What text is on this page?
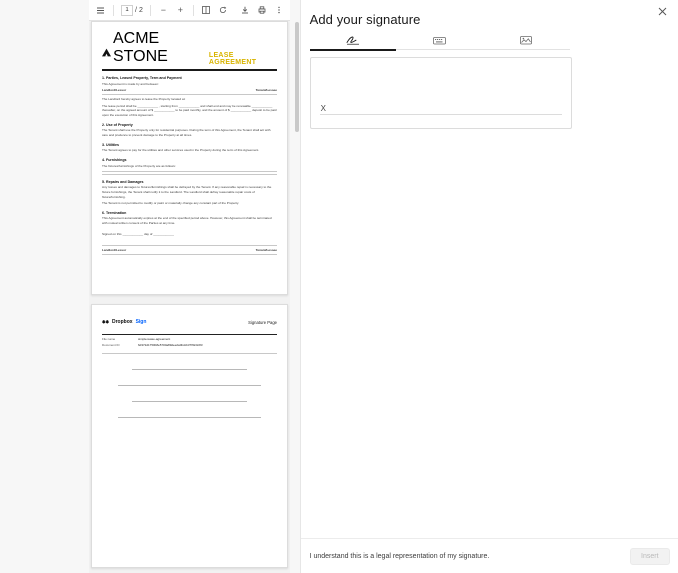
1
/ 2	−	+
ACME STONE	LEASE AGREEMENT
1. Parties, Leased Property, Term and Payment

This Agreement is made by and between:

Landlord/Lessor	Tenant/Lessee

The Landlord hereby agrees to lease the Property located at:

The lease period shall be ____________ , starting from ____________ and shall end and may be renewable ____________ thereafter, on the agreed amount of $ ____________ to be paid monthly, and the amount of $ ____________ deposit to be paid upon the execution of this Agreement.

2. Use of Property

The Tenant shall use the Property only for residential purposes. During the term of this Agreement, the Tenant shall act with care and prudence to prevent damage to the Property at all times.

3. Utilities

The Tenant agrees to pay for the utilities and other services used in the Property during the term of this Agreement.

4. Furnishings

The fixtures/furnishings of the Property are as follows:

5. Repairs and Damages

Any losses and damages to fixtures/furnishings shall be defrayed by the Tenant. If any reasonable repair is necessary to the fixture furnishings, the Tenant shall notify it to the Landlord. The Landlord shall defray reasonable repair costs of fixture/furnishing.

The Tenant is not permitted to modify or paint or materially change any constant part of the Property.

6. Termination

This Agreement automatically expires at the end of the specified period above. However, this Agreement shall be terminated with mutual written consent of the Parties at any time.

Signed on this ____________ day of ____________

Landlord/Lessor	Tenant/Lessee
Dropbox Sign	Signature Page
File name	simple-lease-agreement
Document ID	6d372d1750b8e5700a89dee2a0bdcb37ff0c0c83
Add your signature
X
I understand this is a legal representation of my signature.	Insert
